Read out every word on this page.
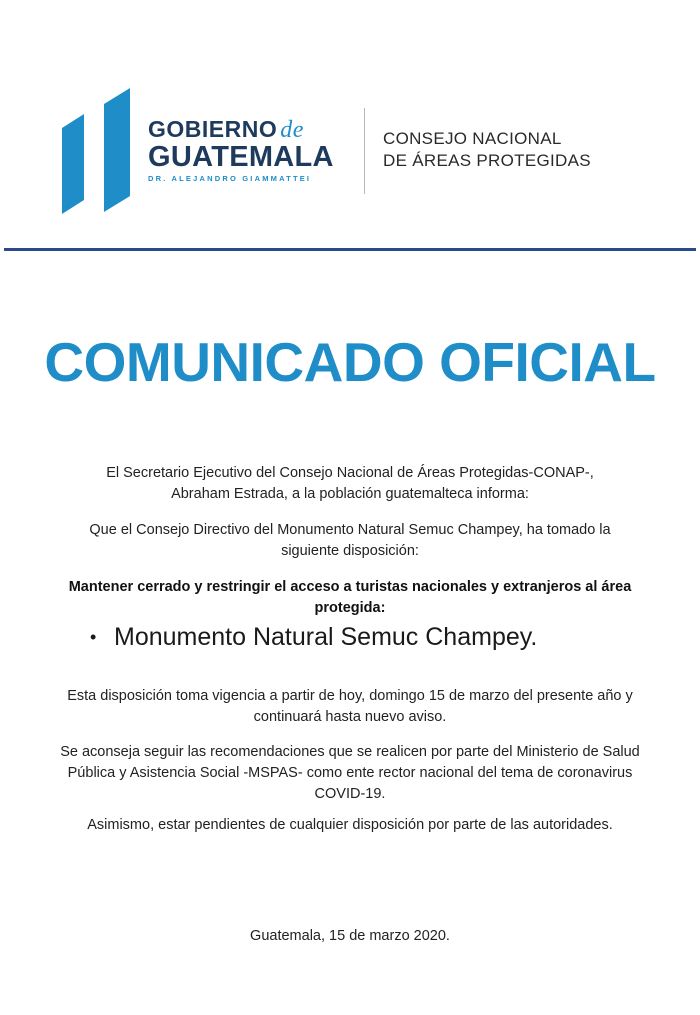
GOBIERNO de
GUATEMALA
DR. ALEJANDRO GIAMMATTEI
CONSEJO NACIONAL
DE ÁREAS PROTEGIDAS
COMUNICADO OFICIAL
El Secretario Ejecutivo del Consejo Nacional de Áreas Protegidas-CONAP-,
Abraham Estrada, a la población guatemalteca informa:
Que el Consejo Directivo del Monumento Natural Semuc Champey, ha tomado la
siguiente disposición:
Mantener cerrado y restringir el acceso a turistas nacionales y extranjeros al área
protegida:
• Monumento Natural Semuc Champey.
Esta disposición toma vigencia a partir de hoy, domingo 15 de marzo del presente año y
continuará hasta nuevo aviso.
Se aconseja seguir las recomendaciones que se realicen por parte del Ministerio de Salud
Pública y Asistencia Social -MSPAS- como ente rector nacional del tema de coronavirus
COVID-19.
Asimismo, estar pendientes de cualquier disposición por parte de las autoridades.
Guatemala, 15 de marzo 2020.
